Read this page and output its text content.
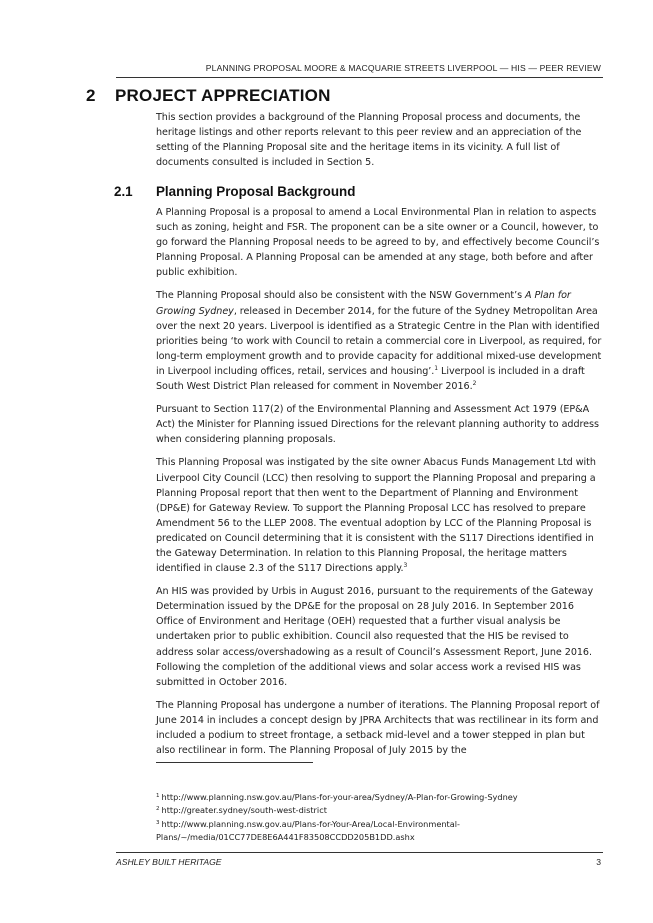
PLANNING PROPOSAL MOORE & MACQUARIE STREETS LIVERPOOL — HIS — PEER REVIEW
2 PROJECT APPRECIATION

This section provides a background of the Planning Proposal process and documents, the heritage listings and other reports relevant to this peer review and an appreciation of the setting of the Planning Proposal site and the heritage items in its vicinity. A full list of documents consulted is included in Section 5.

2.1 Planning Proposal Background

A Planning Proposal is a proposal to amend a Local Environmental Plan in relation to aspects such as zoning, height and FSR. The proponent can be a site owner or a Council, however, to go forward the Planning Proposal needs to be agreed to by, and effectively become Council’s Planning Proposal. A Planning Proposal can be amended at any stage, both before and after public exhibition.

The Planning Proposal should also be consistent with the NSW Government’s A Plan for Growing Sydney, released in December 2014, for the future of the Sydney Metropolitan Area over the next 20 years. Liverpool is identified as a Strategic Centre in the Plan with identified priorities being ‘to work with Council to retain a commercial core in Liverpool, as required, for long-term employment growth and to provide capacity for additional mixed-use development in Liverpool including offices, retail, services and housing’.$^1$ Liverpool is included in a draft South West District Plan released for comment in November 2016.$^2$

Pursuant to Section 117(2) of the Environmental Planning and Assessment Act 1979 (EP&A Act) the Minister for Planning issued Directions for the relevant planning authority to address when considering planning proposals.

This Planning Proposal was instigated by the site owner Abacus Funds Management Ltd with Liverpool City Council (LCC) then resolving to support the Planning Proposal and preparing a Planning Proposal report that then went to the Department of Planning and Environment (DP&E) for Gateway Review. To support the Planning Proposal LCC has resolved to prepare Amendment 56 to the LLEP 2008. The eventual adoption by LCC of the Planning Proposal is predicated on Council determining that it is consistent with the S117 Directions identified in the Gateway Determination. In relation to this Planning Proposal, the heritage matters identified in clause 2.3 of the S117 Directions apply.$^3$

An HIS was provided by Urbis in August 2016, pursuant to the requirements of the Gateway Determination issued by the DP&E for the proposal on 28 July 2016. In September 2016 Office of Environment and Heritage (OEH) requested that a further visual analysis be undertaken prior to public exhibition. Council also requested that the HIS be revised to address solar access/overshadowing as a result of Council’s Assessment Report, June 2016. Following the completion of the additional views and solar access work a revised HIS was submitted in October 2016.

The Planning Proposal has undergone a number of iterations. The Planning Proposal report of June 2014 in includes a concept design by JPRA Architects that was rectilinear in its form and included a podium to street frontage, a setback mid-level and a tower stepped in plan but also rectilinear in form. The Planning Proposal of July 2015 by the

$^1$ http://www.planning.nsw.gov.au/Plans-for-your-area/Sydney/A-Plan-for-Growing-Sydney
$^2$ http://greater.sydney/south-west-district
$^3$ http://www.planning.nsw.gov.au/Plans-for-Your-Area/Local-Environmental-
Plans/~/media/01CC77DE8E6A441F83508CCDD205B1DD.ashx
ASHLEY BUILT HERITAGE	3
